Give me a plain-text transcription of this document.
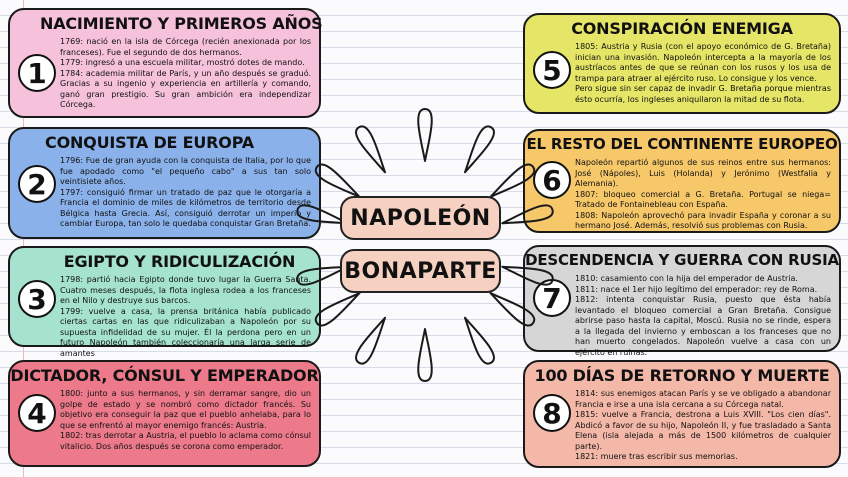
NACIMIENTO Y PRIMEROS AÑOS
1

1769: nació en la isla de Córcega (recién anexionada por los franceses). Fue el segundo de dos hermanos.

1779: ingresó a una escuela militar, mostró dotes de mando.

1784: academia militar de París, y un año después se graduó. Gracias a su ingenio y experiencia en artillería y comando, ganó gran prestigio. Su gran ambición era independizar Córcega.

CONQUISTA DE EUROPA
2

1796: Fue de gran ayuda con la conquista de Italia, por lo que fue apodado como "el pequeño cabo" a sus tan solo veintisiete años.

1797: consiguió firmar un tratado de paz que le otorgaría a Francia el dominio de miles de kilómetros de territorio desde Bélgica hasta Grecia. Así, consiguió derrotar un imperio y cambiar Europa, tan solo le quedaba conquistar Gran Bretaña.

EGIPTO Y RIDICULIZACIÓN
3

1798: partió hacia Egipto donde tuvo lugar la Guerra Santa. Cuatro meses después, la flota inglesa rodea a los franceses en el Nilo y destruye sus barcos.

1799: vuelve a casa, la prensa británica había publicado ciertas cartas en las que ridiculizaban a Napoleón por su supuesta infidelidad de su mujer. Él la perdona pero en un futuro Napoleón también coleccionaría una larga serie de amantes

DICTADOR, CÓNSUL Y EMPERADOR
4

1800: junto a sus hermanos, y sin derramar sangre, dio un golpe de estado y se nombró como dictador francés. Su objetivo era conseguir la paz que el pueblo anhelaba, para lo que se enfrentó al mayor enemigo francés: Austria.

1802: tras derrotar a Austria, el pueblo lo aclama como cónsul vitalicio. Dos años después se corona como emperador.

CONSPIRACIÓN ENEMIGA
5

1805: Austria y Rusia (con el apoyo económico de G. Bretaña) inician una invasión. Napoleón intercepta a la mayoría de los austríacos antes de que se reúnan con los rusos y los usa de trampa para atraer al ejército ruso. Lo consigue y los vence.

Pero sigue sin ser capaz de invadir G. Bretaña porque mientras ésto ocurría, los ingleses aniquilaron la mitad de su flota.

EL RESTO DEL CONTINENTE EUROPEO
6

Napoleón repartió algunos de sus reinos entre sus hermanos: José (Nápoles), Luis (Holanda) y Jerónimo (Westfalia y Alemania).

1807: bloqueo comercial a G. Bretaña. Portugal se niega= Tratado de Fontainebleau con España.

1808: Napoleón aprovechó para invadir España y coronar a su hermano José. Además, resolvió sus problemas con Rusia.

DESCENDENCIA Y GUERRA CON RUSIA
7

1810: casamiento con la hija del emperador de Austria.

1811: nace el 1er hijo legítimo del emperador: rey de Roma.

1812: intenta conquistar Rusia, puesto que ésta había levantado el bloqueo comercial a Gran Bretaña. Consigue abrirse paso hasta la capital, Moscú. Rusia no se rinde, espera a la llegada del invierno y emboscan a los franceses que no han muerto congelados. Napoleón vuelve a casa con un ejército en ruinas.

100 DÍAS DE RETORNO Y MUERTE
8

1814: sus enemigos atacan París y se ve obligado a abandonar Francia e irse a una isla cercana a su Córcega natal.

1815: vuelve a Francia, destrona a Luis XVIII. "Los cien días". Abdicó a favor de su hijo, Napoleón II, y fue trasladado a Santa Elena (isla alejada a más de 1500 kilómetros de cualquier parte).

1821: muere tras escribir sus memorias.

NAPOLEÓN
BONAPARTE
